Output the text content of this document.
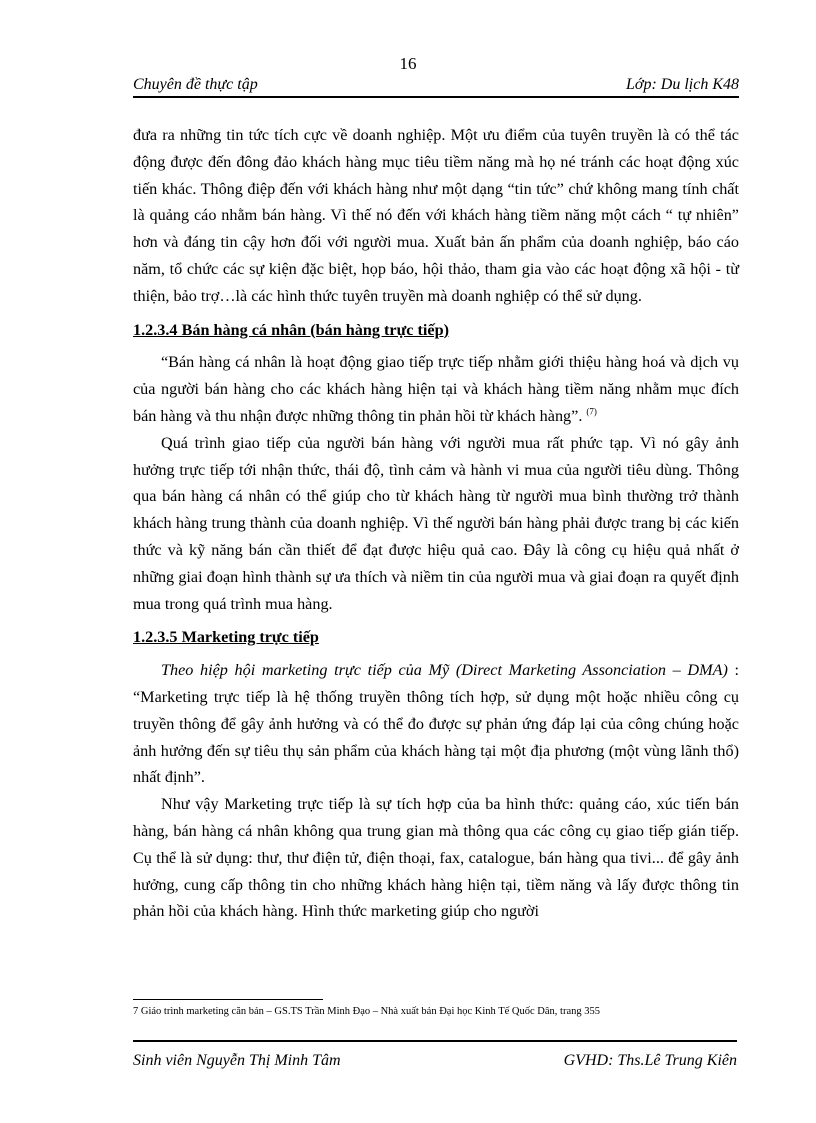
16
Chuyên đề thực tập	Lớp: Du lịch K48

đưa ra những tin tức tích cực về doanh nghiệp. Một ưu điểm của tuyên truyền là có thể tác động được đến đông đảo khách hàng mục tiêu tiềm năng mà họ né tránh các hoạt động xúc tiến khác. Thông điệp đến với khách hàng như một dạng “tin tức” chứ không mang tính chất là quảng cáo nhằm bán hàng. Vì thế nó đến với khách hàng tiềm năng một cách “ tự nhiên” hơn và đáng tin cậy hơn đối với người mua. Xuất bản ấn phẩm của doanh nghiệp, báo cáo năm, tổ chức các sự kiện đặc biệt, họp báo, hội thảo, tham gia vào các hoạt động xã hội - từ thiện, bảo trợ…là các hình thức tuyên truyền mà doanh nghiệp có thể sử dụng.

1.2.3.4 Bán hàng cá nhân (bán hàng trực tiếp)

“Bán hàng cá nhân là hoạt động giao tiếp trực tiếp nhằm giới thiệu hàng hoá và dịch vụ của người bán hàng cho các khách hàng hiện tại và khách hàng tiềm năng nhằm mục đích bán hàng và thu nhận được những thông tin phản hồi từ khách hàng”. $^{(7)}$

Quá trình giao tiếp của người bán hàng với người mua rất phức tạp. Vì nó gây ảnh hưởng trực tiếp tới nhận thức, thái độ, tình cảm và hành vi mua của người tiêu dùng. Thông qua bán hàng cá nhân có thể giúp cho từ khách hàng từ người mua bình thường trở thành khách hàng trung thành của doanh nghiệp. Vì thế người bán hàng phải được trang bị các kiến thức và kỹ năng bán cần thiết để đạt được hiệu quả cao. Đây là công cụ hiệu quả nhất ở những giai đoạn hình thành sự ưa thích và niềm tin của người mua và giai đoạn ra quyết định mua trong quá trình mua hàng.

1.2.3.5 Marketing trực tiếp

Theo hiệp hội marketing trực tiếp của Mỹ (Direct Marketing Assonciation – DMA) : “Marketing trực tiếp là hệ thống truyền thông tích hợp, sử dụng một hoặc nhiều công cụ truyền thông để gây ảnh hưởng và có thể đo được sự phản ứng đáp lại của công chúng hoặc ảnh hưởng đến sự tiêu thụ sản phẩm của khách hàng tại một địa phương (một vùng lãnh thổ) nhất định”.

Như vậy Marketing trực tiếp là sự tích hợp của ba hình thức: quảng cáo, xúc tiến bán hàng, bán hàng cá nhân không qua trung gian mà thông qua các công cụ giao tiếp gián tiếp. Cụ thể là sử dụng: thư, thư điện tử, điện thoại, fax, catalogue, bán hàng qua tivi... để gây ảnh hưởng, cung cấp thông tin cho những khách hàng hiện tại, tiềm năng và lấy được thông tin phản hồi của khách hàng. Hình thức marketing giúp cho người

7 Giáo trình marketing căn bản – GS.TS Trần Minh Đạo – Nhà xuất bản Đại học Kinh Tế Quốc Dân, trang 355
Sinh viên Nguyễn Thị Minh Tâm	GVHD: Ths.Lê Trung Kiên
